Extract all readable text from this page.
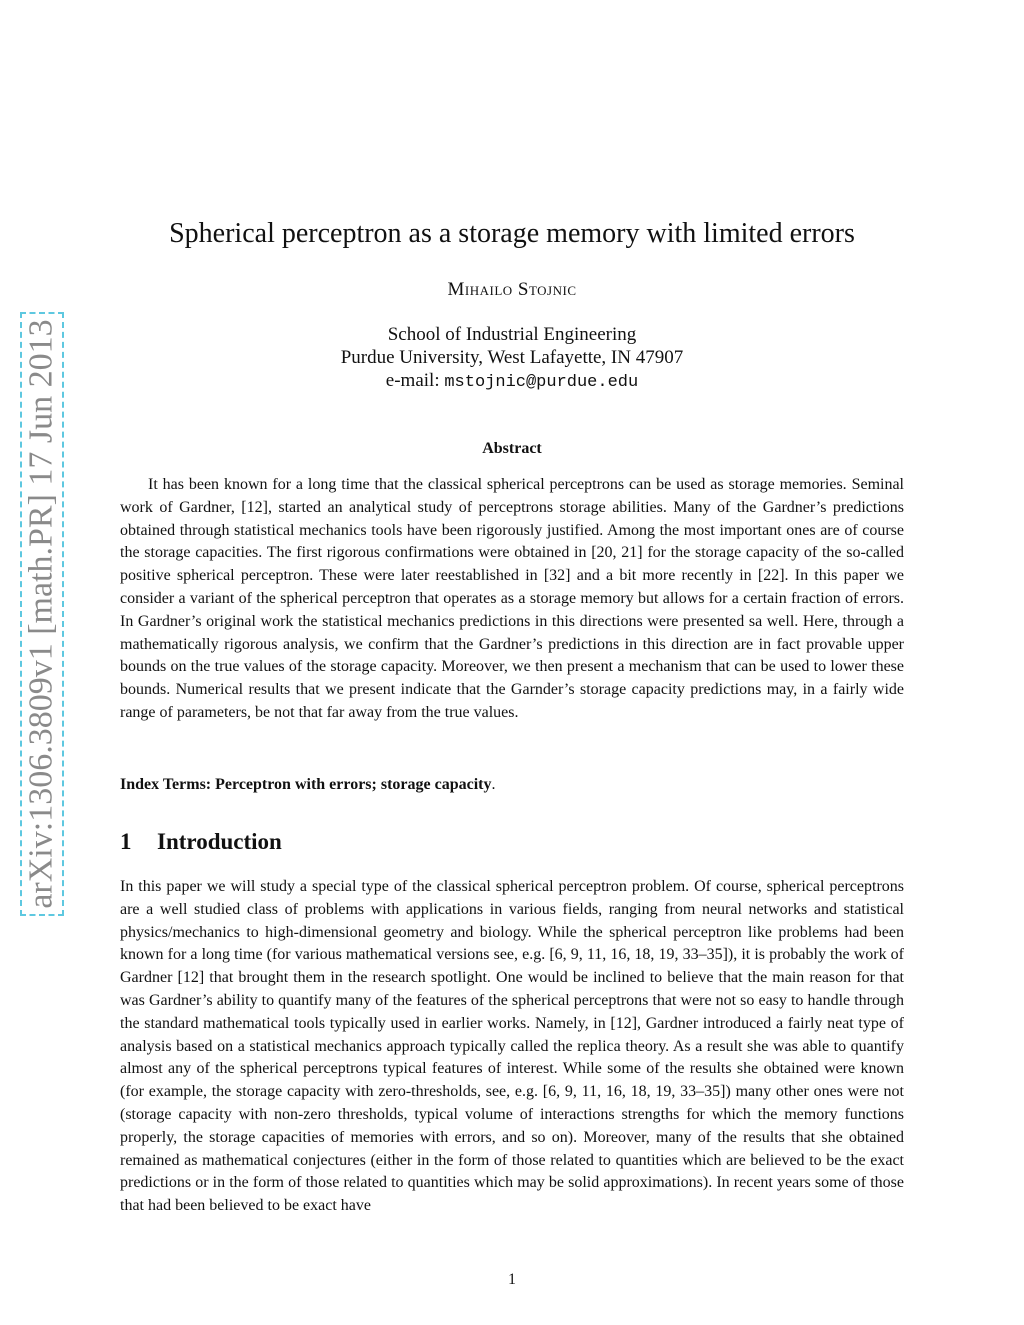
arXiv:1306.3809v1 [math.PR] 17 Jun 2013
Spherical perceptron as a storage memory with limited errors
Mihailo Stojnic
School of Industrial Engineering
Purdue University, West Lafayette, IN 47907
e-mail: mstojnic@purdue.edu
Abstract

It has been known for a long time that the classical spherical perceptrons can be used as storage memories. Seminal work of Gardner, [12], started an analytical study of perceptrons storage abilities. Many of the Gardner’s predictions obtained through statistical mechanics tools have been rigorously justified. Among the most important ones are of course the storage capacities. The first rigorous confirmations were obtained in [20, 21] for the storage capacity of the so-called positive spherical perceptron. These were later reestablished in [32] and a bit more recently in [22]. In this paper we consider a variant of the spherical perceptron that operates as a storage memory but allows for a certain fraction of errors. In Gardner’s original work the statistical mechanics predictions in this directions were presented sa well. Here, through a mathematically rigorous analysis, we confirm that the Gardner’s predictions in this direction are in fact provable upper bounds on the true values of the storage capacity. Moreover, we then present a mechanism that can be used to lower these bounds. Numerical results that we present indicate that the Garnder’s storage capacity predictions may, in a fairly wide range of parameters, be not that far away from the true values.

Index Terms: Perceptron with errors; storage capacity.
1 Introduction

In this paper we will study a special type of the classical spherical perceptron problem. Of course, spherical perceptrons are a well studied class of problems with applications in various fields, ranging from neural networks and statistical physics/mechanics to high-dimensional geometry and biology. While the spherical perceptron like problems had been known for a long time (for various mathematical versions see, e.g. [6, 9, 11, 16, 18, 19, 33–35]), it is probably the work of Gardner [12] that brought them in the research spotlight. One would be inclined to believe that the main reason for that was Gardner’s ability to quantify many of the features of the spherical perceptrons that were not so easy to handle through the standard mathematical tools typically used in earlier works. Namely, in [12], Gardner introduced a fairly neat type of analysis based on a statistical mechanics approach typically called the replica theory. As a result she was able to quantify almost any of the spherical perceptrons typical features of interest. While some of the results she obtained were known (for example, the storage capacity with zero-thresholds, see, e.g. [6, 9, 11, 16, 18, 19, 33–35]) many other ones were not (storage capacity with non-zero thresholds, typical volume of interactions strengths for which the memory functions properly, the storage capacities of memories with errors, and so on). Moreover, many of the results that she obtained remained as mathematical conjectures (either in the form of those related to quantities which are believed to be the exact predictions or in the form of those related to quantities which may be solid approximations). In recent years some of those that had been believed to be exact have

1
